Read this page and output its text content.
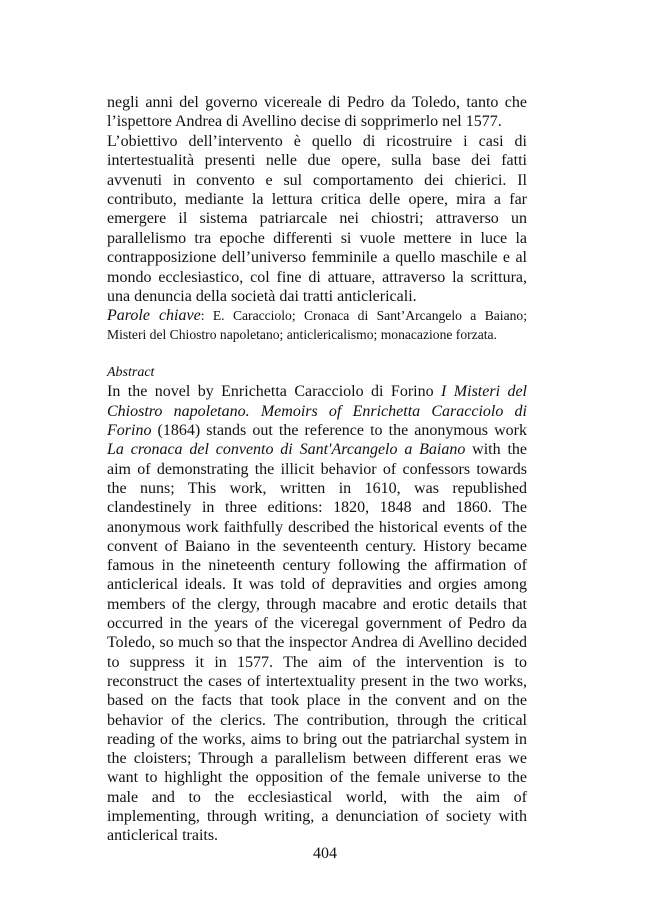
negli anni del governo vicereale di Pedro da Toledo, tanto che l’ispettore Andrea di Avellino decise di sopprimerlo nel 1577.

L’obiettivo dell’intervento è quello di ricostruire i casi di intertestualità presenti nelle due opere, sulla base dei fatti avvenuti in convento e sul comportamento dei chierici. Il contributo, mediante la lettura critica delle opere, mira a far emergere il sistema patriarcale nei chiostri; attraverso un parallelismo tra epoche differenti si vuole mettere in luce la contrapposizione dell’universo femminile a quello maschile e al mondo ecclesiastico, col fine di attuare, attraverso la scrittura, una denuncia della società dai tratti anticlericali.

Parole chiave: E. Caracciolo; Cronaca di Sant’Arcangelo a Baiano; Misteri del Chiostro napoletano; anticlericalismo; monacazione forzata.

Abstract

In the novel by Enrichetta Caracciolo di Forino I Misteri del Chiostro napoletano. Memoirs of Enrichetta Caracciolo di Forino (1864) stands out the reference to the anonymous work La cronaca del convento di Sant'Arcangelo a Baiano with the aim of demonstrating the illicit behavior of confessors towards the nuns; This work, written in 1610, was republished clandestinely in three editions: 1820, 1848 and 1860. The anonymous work faithfully described the historical events of the convent of Baiano in the seventeenth century. History became famous in the nineteenth century following the affirmation of anticlerical ideals. It was told of depravities and orgies among members of the clergy, through macabre and erotic details that occurred in the years of the viceregal government of Pedro da Toledo, so much so that the inspector Andrea di Avellino decided to suppress it in 1577. The aim of the intervention is to reconstruct the cases of intertextuality present in the two works, based on the facts that took place in the convent and on the behavior of the clerics. The contribution, through the critical reading of the works, aims to bring out the patriarchal system in the cloisters; Through a parallelism between different eras we want to highlight the opposition of the female universe to the male and to the ecclesiastical world, with the aim of implementing, through writing, a denunciation of society with anticlerical traits.

404
